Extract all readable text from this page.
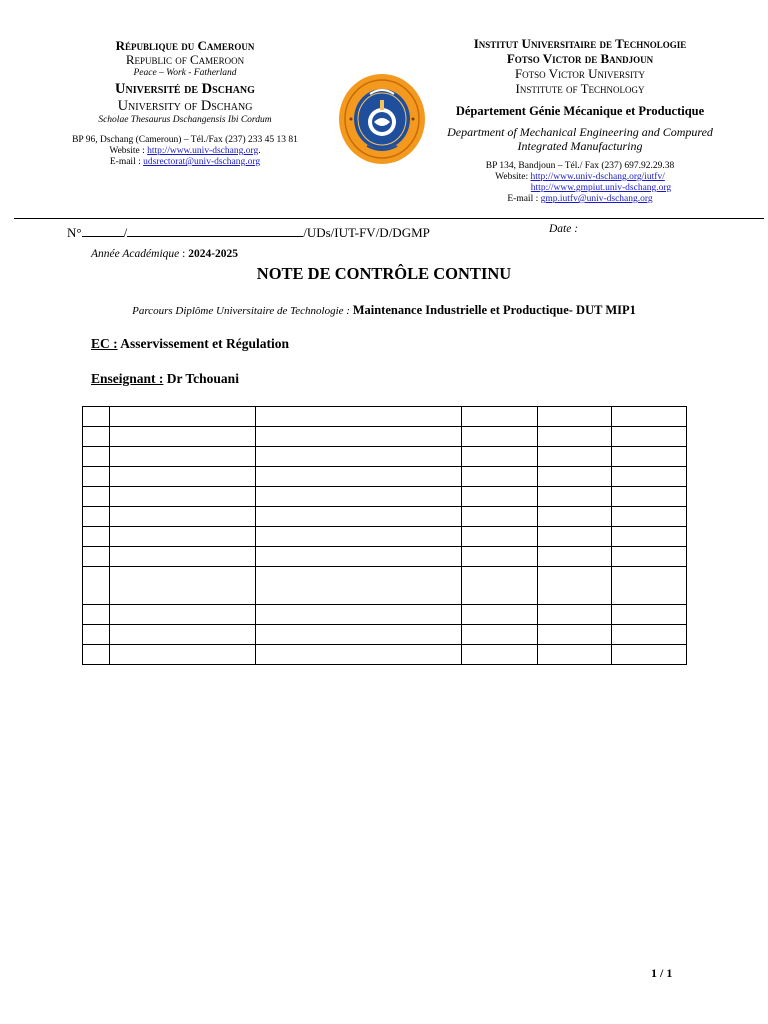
République du Cameroun
Republic of Cameroon
Peace – Work - Fatherland
Université de Dschang
University of Dschang
Scholae Thesaurus Dschangensis Ibi Cordum
BP 96, Dschang (Cameroun) – Tél./Fax (237) 233 45 13 81
Website : http://www.univ-dschang.org.
E-mail : udsrectorat@univ-dschang.org
Institut Universitaire de Technologie
Fotso Victor de Bandjoun
Fotso Victor University
Institute of Technology
Département Génie Mécanique et Productique
Department of Mechanical Engineering and Compured Integrated Manufacturing
BP 134, Bandjoun – Tél./ Fax (237) 697.92.29.38
Website: http://www.univ-dschang.org/iutfv/
http://www.gmpiut.univ-dschang.org
E-mail : gmp.iutfv@univ-dschang.org
N°	/	/UDs/IUT-FV/D/DGMP	Date :
Année Académique : 2024-2025
NOTE DE CONTRÔLE CONTINU
Parcours Diplôme Universitaire de Technologie : Maintenance Industrielle et Productique- DUT MIP1
EC : Asservissement et Régulation
Enseignant : Dr Tchouani

1 / 1
